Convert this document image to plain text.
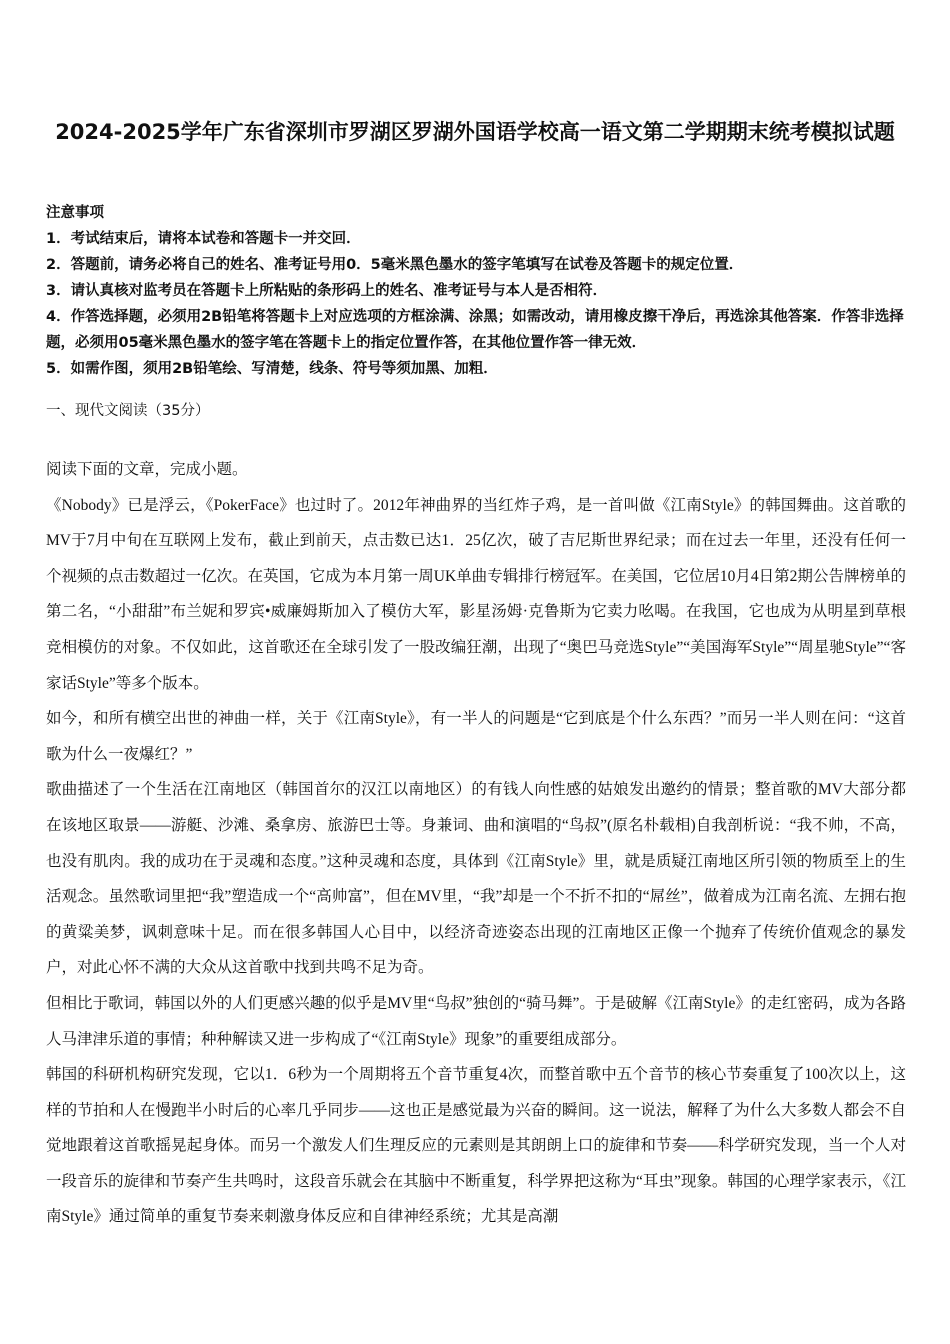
2024-2025学年广东省深圳市罗湖区罗湖外国语学校高一语文第二学期期末统考模拟试题
注意事项
1．考试结束后，请将本试卷和答题卡一并交回．
2．答题前，请务必将自己的姓名、准考证号用0．5毫米黑色墨水的签字笔填写在试卷及答题卡的规定位置．
3．请认真核对监考员在答题卡上所粘贴的条形码上的姓名、准考证号与本人是否相符．
4．作答选择题，必须用2B铅笔将答题卡上对应选项的方框涂满、涂黑；如需改动，请用橡皮擦干净后，再选涂其他答案．作答非选择题，必须用05毫米黑色墨水的签字笔在答题卡上的指定位置作答，在其他位置作答一律无效．
5．如需作图，须用2B铅笔绘、写清楚，线条、符号等须加黑、加粗．
一、现代文阅读（35分）

阅读下面的文章，完成小题。

《Nobody》已是浮云，《PokerFace》也过时了。2012年神曲界的当红炸子鸡，是一首叫做《江南Style》的韩国舞曲。这首歌的MV于7月中旬在互联网上发布，截止到前天，点击数已达1．25亿次，破了吉尼斯世界纪录；而在过去一年里，还没有任何一个视频的点击数超过一亿次。在英国，它成为本月第一周UK单曲专辑排行榜冠军。在美国，它位居10月4日第2期公告牌榜单的第二名，“小甜甜”布兰妮和罗宾•威廉姆斯加入了模仿大军，影星汤姆·克鲁斯为它卖力吆喝。在我国，它也成为从明星到草根竞相模仿的对象。不仅如此，这首歌还在全球引发了一股改编狂潮，出现了“奥巴马竞选Style”“美国海军Style”“周星驰Style”“客家话Style”等多个版本。

如今，和所有横空出世的神曲一样，关于《江南Style》，有一半人的问题是“它到底是个什么东西？”而另一半人则在问：“这首歌为什么一夜爆红？”

歌曲描述了一个生活在江南地区（韩国首尔的汉江以南地区）的有钱人向性感的姑娘发出邀约的情景；整首歌的MV大部分都在该地区取景——游艇、沙滩、桑拿房、旅游巴士等。身兼词、曲和演唱的“鸟叔”(原名朴载相)自我剖析说：“我不帅，不高，也没有肌肉。我的成功在于灵魂和态度。”这种灵魂和态度，具体到《江南Style》里，就是质疑江南地区所引领的物质至上的生活观念。虽然歌词里把“我”塑造成一个“高帅富”，但在MV里，“我”却是一个不折不扣的“屌丝”，做着成为江南名流、左拥右抱的黄粱美梦，讽刺意味十足。而在很多韩国人心目中，以经济奇迹姿态出现的江南地区正像一个抛弃了传统价值观念的暴发户，对此心怀不满的大众从这首歌中找到共鸣不足为奇。

但相比于歌词，韩国以外的人们更感兴趣的似乎是MV里“鸟叔”独创的“骑马舞”。于是破解《江南Style》的走红密码，成为各路人马津津乐道的事情；种种解读又进一步构成了“《江南Style》现象”的重要组成部分。

韩国的科研机构研究发现，它以1．6秒为一个周期将五个音节重复4次，而整首歌中五个音节的核心节奏重复了100次以上，这样的节拍和人在慢跑半小时后的心率几乎同步——这也正是感觉最为兴奋的瞬间。这一说法，解释了为什么大多数人都会不自觉地跟着这首歌摇晃起身体。而另一个激发人们生理反应的元素则是其朗朗上口的旋律和节奏——科学研究发现，当一个人对一段音乐的旋律和节奏产生共鸣时，这段音乐就会在其脑中不断重复，科学界把这称为“耳虫”现象。韩国的心理学家表示，《江南Style》通过简单的重复节奏来刺激身体反应和自律神经系统；尤其是高潮
